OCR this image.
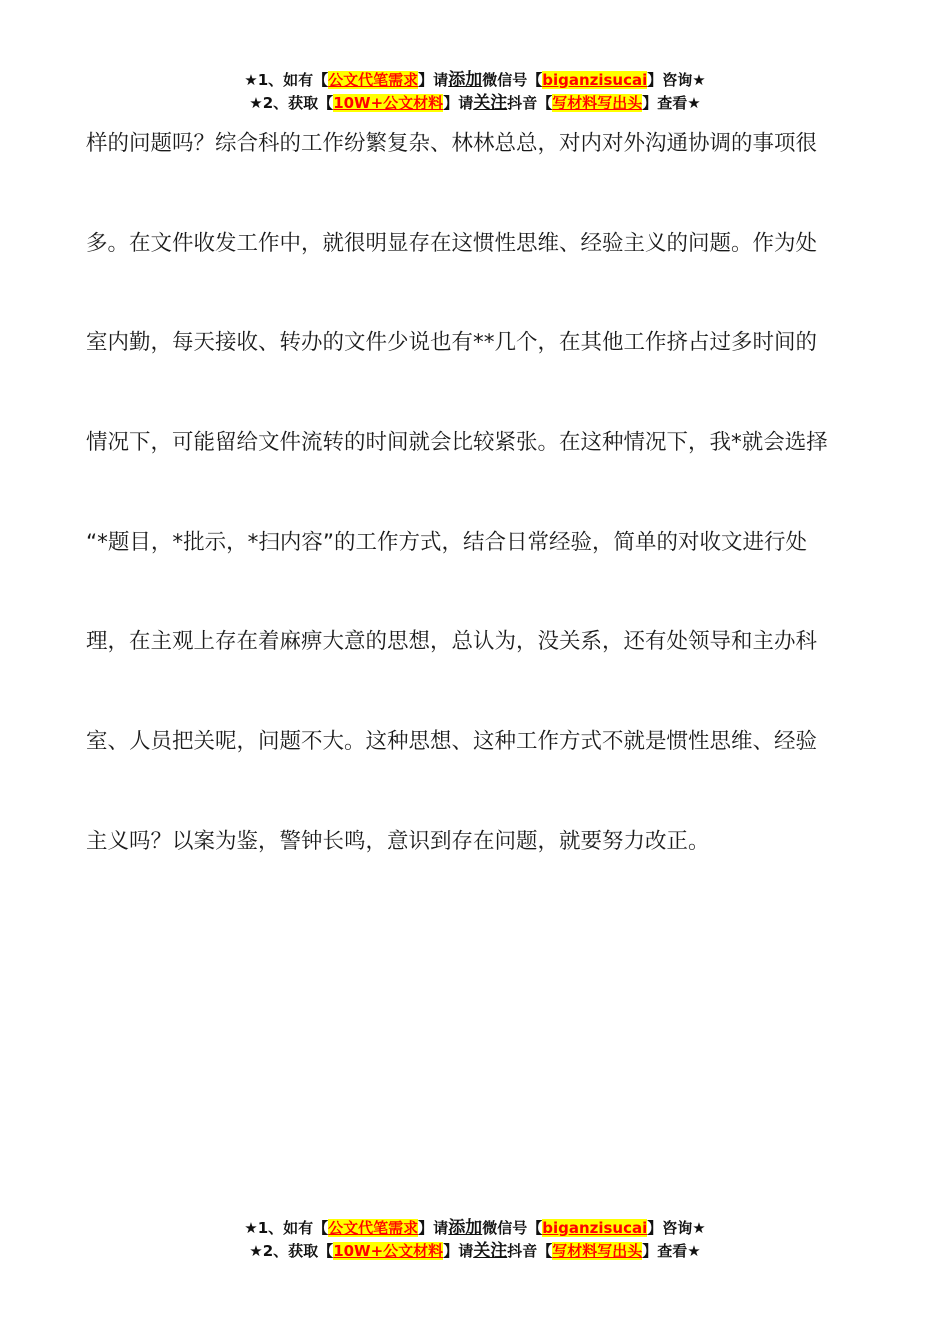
★1、如有【公文代笔需求】请添加微信号【biganzisucai】咨询★
★2、获取【10W+公文材料】请关注抖音【写材料写出头】查看★
样的问题吗？综合科的工作纷繁复杂、林林总总，对内对外沟通协调的事项很
多。在文件收发工作中，就很明显存在这惯性思维、经验主义的问题。作为处
室内勤，每天接收、转办的文件少说也有**几个，在其他工作挤占过多时间的
情况下，可能留给文件流转的时间就会比较紧张。在这种情况下，我*就会选择
“*题目，*批示，*扫内容”的工作方式，结合日常经验，简单的对收文进行处
理，在主观上存在着麻痹大意的思想，总认为，没关系，还有处领导和主办科
室、人员把关呢，问题不大。这种思想、这种工作方式不就是惯性思维、经验
主义吗？以案为鉴，警钟长鸣，意识到存在问题，就要努力改正。
★1、如有【公文代笔需求】请添加微信号【biganzisucai】咨询★
★2、获取【10W+公文材料】请关注抖音【写材料写出头】查看★
